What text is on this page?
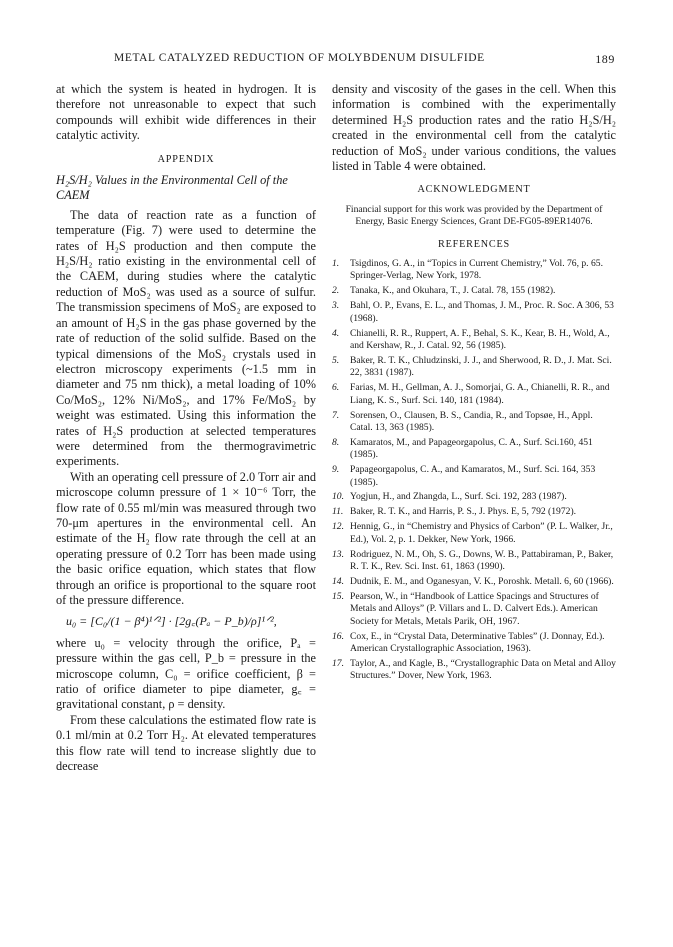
METAL CATALYZED REDUCTION OF MOLYBDENUM DISULFIDE	189

at which the system is heated in hydrogen. It is therefore not unreasonable to expect that such compounds will exhibit wide differences in their catalytic activity.

APPENDIX
H₂S/H₂ Values in the Environmental Cell of the CAEM

The data of reaction rate as a function of temperature (Fig. 7) were used to determine the rates of H₂S production and then compute the H₂S/H₂ ratio existing in the environmental cell of the CAEM, during studies where the catalytic reduction of MoS₂ was used as a source of sulfur. The transmission specimens of MoS₂ are exposed to an amount of H₂S in the gas phase governed by the rate of reduction of the solid sulfide. Based on the typical dimensions of the MoS₂ crystals used in electron microscopy experiments (~1.5 mm in diameter and 75 nm thick), a metal loading of 10% Co/MoS₂, 12% Ni/MoS₂, and 17% Fe/MoS₂ by weight was estimated. Using this information the rates of H₂S production at selected temperatures were determined from the thermogravimetric experiments.

With an operating cell pressure of 2.0 Torr air and microscope column pressure of 1 × 10⁻⁶ Torr, the flow rate of 0.55 ml/min was measured through two 70-μm apertures in the environmental cell. An estimate of the H₂ flow rate through the cell at an operating pressure of 0.2 Torr has been made using the basic orifice equation, which states that flow through an orifice is proportional to the square root of the pressure difference.

u₀ = [C₀/(1 − β⁴)¹ᐟ²] · [2g꜀(Pₐ − P_b)/ρ]¹ᐟ²,

where u₀ = velocity through the orifice, Pₐ = pressure within the gas cell, P_b = pressure in the microscope column, C₀ = orifice coefficient, β = ratio of orifice diameter to pipe diameter, g꜀ = gravitational constant, ρ = density.

From these calculations the estimated flow rate is 0.1 ml/min at 0.2 Torr H₂. At elevated temperatures this flow rate will tend to increase slightly due to decrease

density and viscosity of the gases in the cell. When this information is combined with the experimentally determined H₂S production rates and the ratio H₂S/H₂ created in the environmental cell from the catalytic reduction of MoS₂ under various conditions, the values listed in Table 4 were obtained.

ACKNOWLEDGMENT

Financial support for this work was provided by the Department of Energy, Basic Energy Sciences, Grant DE-FG05-89ER14076.

REFERENCES
1. Tsigdinos, G. A., in “Topics in Current Chemistry,” Vol. 76, p. 65. Springer-Verlag, New York, 1978.
2. Tanaka, K., and Okuhara, T., J. Catal. 78, 155 (1982).
3. Bahl, O. P., Evans, E. L., and Thomas, J. M., Proc. R. Soc. A 306, 53 (1968).
4. Chianelli, R. R., Ruppert, A. F., Behal, S. K., Kear, B. H., Wold, A., and Kershaw, R., J. Catal. 92, 56 (1985).
5. Baker, R. T. K., Chludzinski, J. J., and Sherwood, R. D., J. Mat. Sci. 22, 3831 (1987).
6. Farias, M. H., Gellman, A. J., Somorjai, G. A., Chianelli, R. R., and Liang, K. S., Surf. Sci. 140, 181 (1984).
7. Sorensen, O., Clausen, B. S., Candia, R., and Topsøe, H., Appl. Catal. 13, 363 (1985).
8. Kamaratos, M., and Papageorgapolus, C. A., Surf. Sci.160, 451 (1985).
9. Papageorgapolus, C. A., and Kamaratos, M., Surf. Sci. 164, 353 (1985).
10. Yogjun, H., and Zhangda, L., Surf. Sci. 192, 283 (1987).
11. Baker, R. T. K., and Harris, P. S., J. Phys. E, 5, 792 (1972).
12. Hennig, G., in “Chemistry and Physics of Carbon” (P. L. Walker, Jr., Ed.), Vol. 2, p. 1. Dekker, New York, 1966.
13. Rodriguez, N. M., Oh, S. G., Downs, W. B., Pattabiraman, P., Baker, R. T. K., Rev. Sci. Inst. 61, 1863 (1990).
14. Dudnik, E. M., and Oganesyan, V. K., Poroshk. Metall. 6, 60 (1966).
15. Pearson, W., in “Handbook of Lattice Spacings and Structures of Metals and Alloys” (P. Villars and L. D. Calvert Eds.). American Society for Metals, Metals Parik, OH, 1967.
16. Cox, E., in “Crystal Data, Determinative Tables” (J. Donnay, Ed.). American Crystallographic Association, 1963).
17. Taylor, A., and Kagle, B., “Crystallographic Data on Metal and Alloy Structures.” Dover, New York, 1963.
